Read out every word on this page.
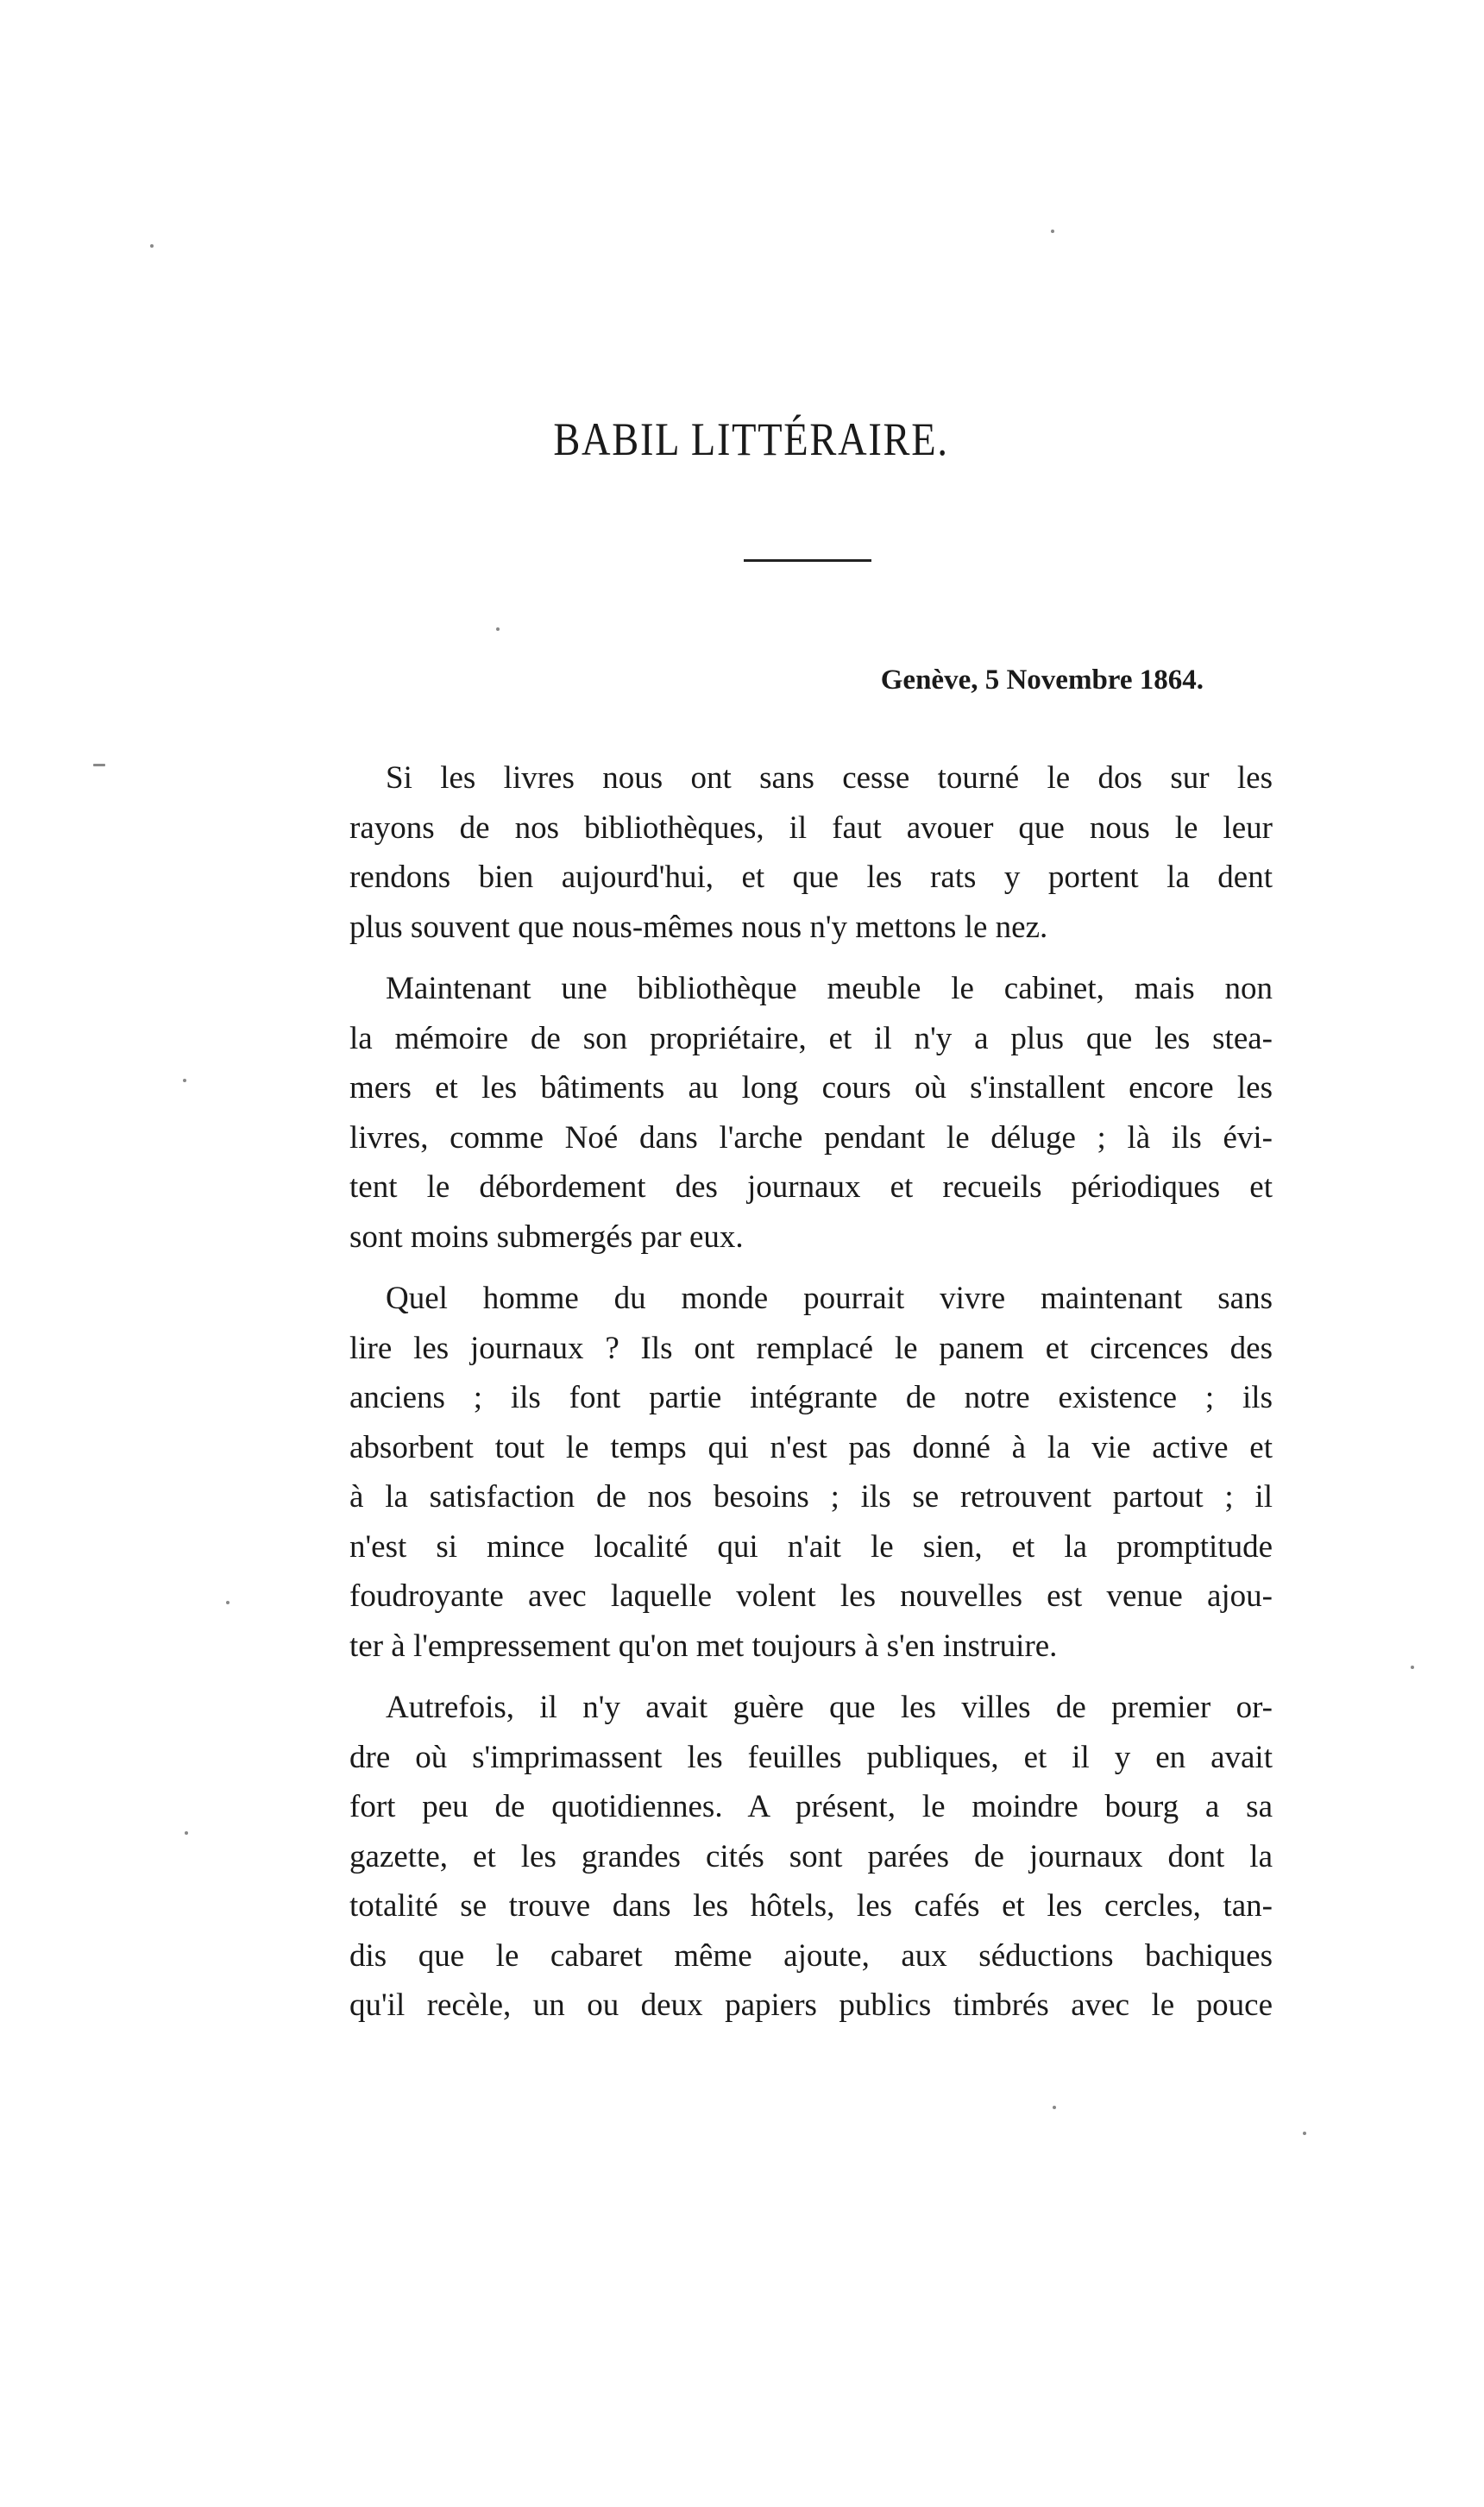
BABIL LITTÉRAIRE.
Genève, 5 Novembre 1864.

Si les livres nous ont sans cesse tourné le dos sur les
rayons de nos bibliothèques, il faut avouer que nous le leur
rendons bien aujourd'hui, et que les rats y portent la dent
plus souvent que nous-mêmes nous n'y mettons le nez.

Maintenant une bibliothèque meuble le cabinet, mais non
la mémoire de son propriétaire, et il n'y a plus que les stea-
mers et les bâtiments au long cours où s'installent encore les
livres, comme Noé dans l'arche pendant le déluge ; là ils évi-
tent le débordement des journaux et recueils périodiques et
sont moins submergés par eux.

Quel homme du monde pourrait vivre maintenant sans
lire les journaux ? Ils ont remplacé le panem et circences des
anciens ; ils font partie intégrante de notre existence ; ils
absorbent tout le temps qui n'est pas donné à la vie active et
à la satisfaction de nos besoins ; ils se retrouvent partout ; il
n'est si mince localité qui n'ait le sien, et la promptitude
foudroyante avec laquelle volent les nouvelles est venue ajou-
ter à l'empressement qu'on met toujours à s'en instruire.

Autrefois, il n'y avait guère que les villes de premier or-
dre où s'imprimassent les feuilles publiques, et il y en avait
fort peu de quotidiennes. A présent, le moindre bourg a sa
gazette, et les grandes cités sont parées de journaux dont la
totalité se trouve dans les hôtels, les cafés et les cercles, tan-
dis que le cabaret même ajoute, aux séductions bachiques
qu'il recèle, un ou deux papiers publics timbrés avec le pouce
